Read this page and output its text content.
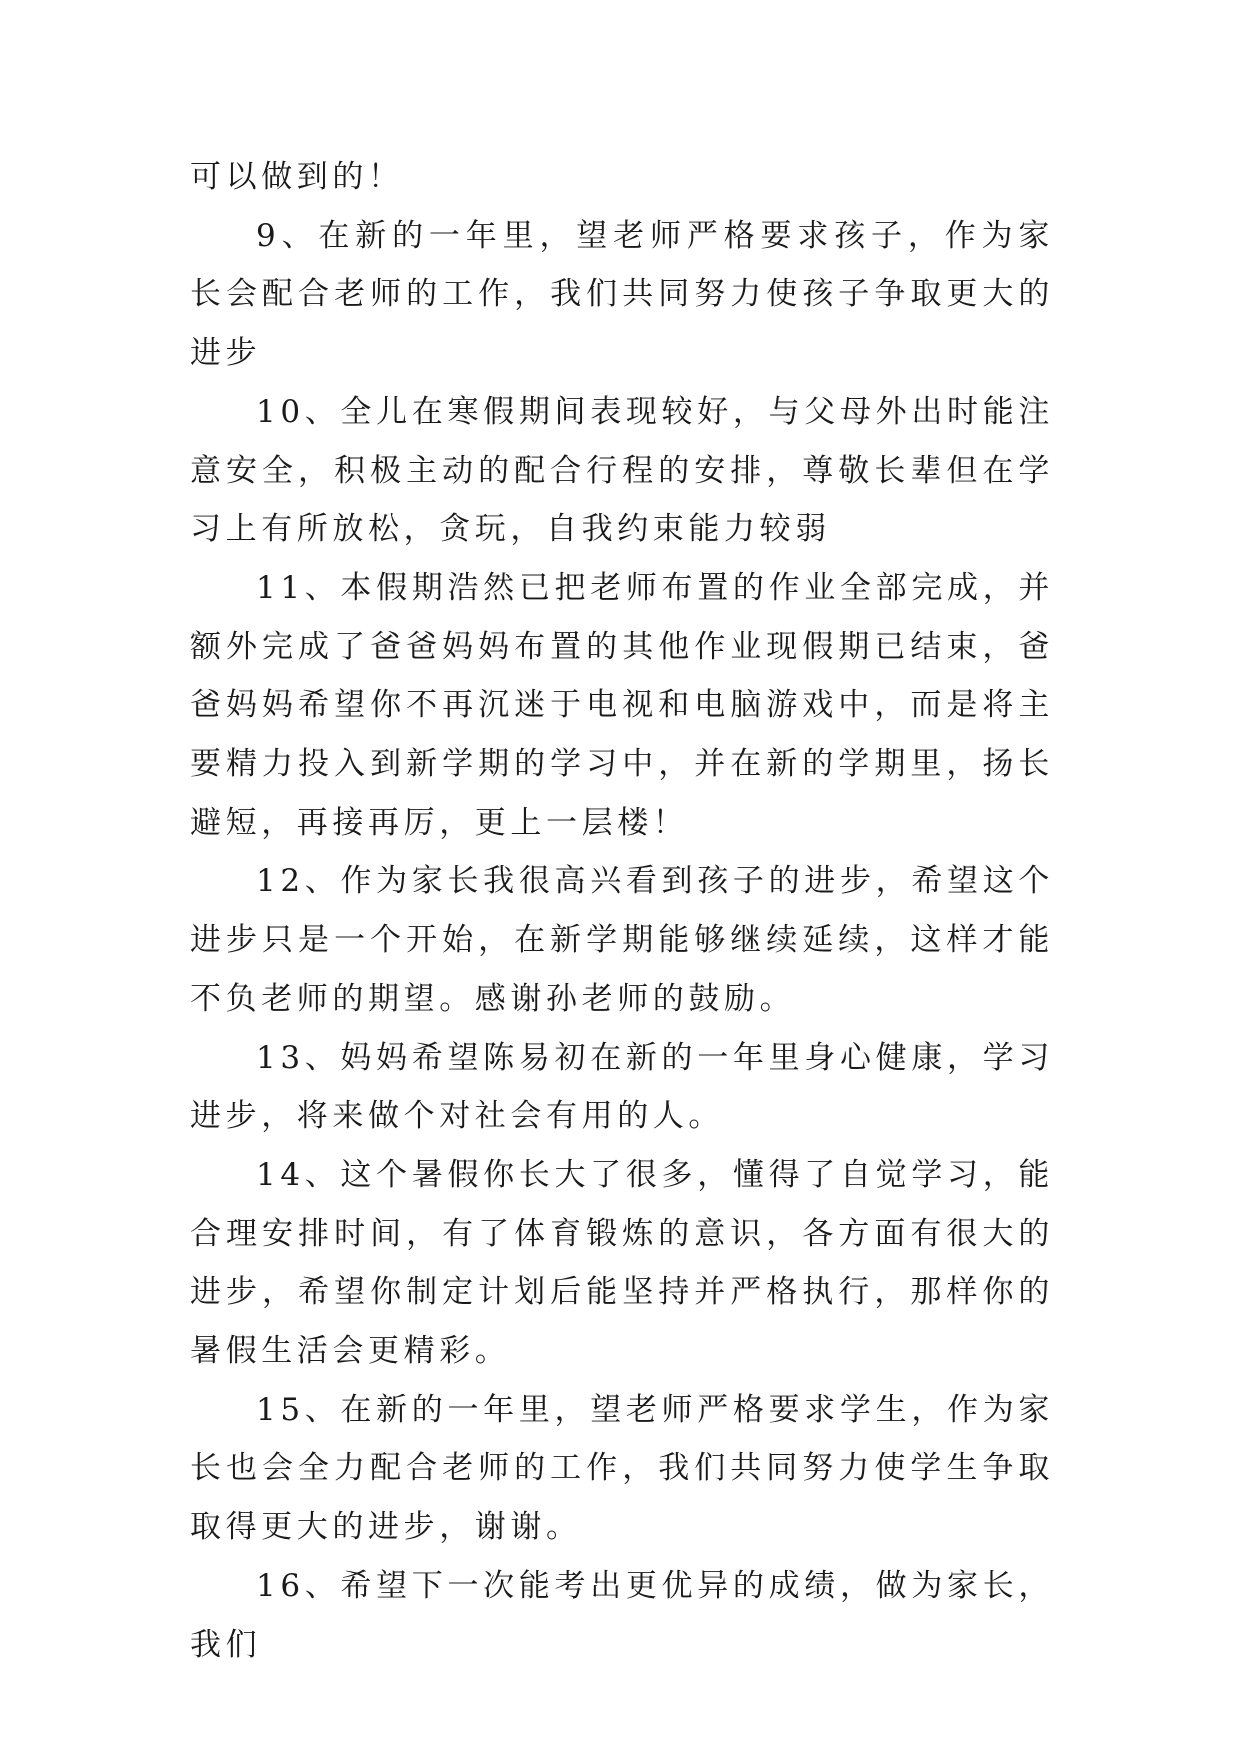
可以做到的！

9、在新的一年里，望老师严格要求孩子，作为家长会配合老师的工作，我们共同努力使孩子争取更大的进步

10、全儿在寒假期间表现较好，与父母外出时能注意安全，积极主动的配合行程的安排，尊敬长辈但在学习上有所放松，贪玩，自我约束能力较弱

11、本假期浩然已把老师布置的作业全部完成，并额外完成了爸爸妈妈布置的其他作业现假期已结束，爸爸妈妈希望你不再沉迷于电视和电脑游戏中，而是将主要精力投入到新学期的学习中，并在新的学期里，扬长避短，再接再厉，更上一层楼！

12、作为家长我很高兴看到孩子的进步，希望这个进步只是一个开始，在新学期能够继续延续，这样才能不负老师的期望。感谢孙老师的鼓励。

13、妈妈希望陈易初在新的一年里身心健康，学习进步，将来做个对社会有用的人。

14、这个暑假你长大了很多，懂得了自觉学习，能合理安排时间，有了体育锻炼的意识，各方面有很大的进步，希望你制定计划后能坚持并严格执行，那样你的暑假生活会更精彩。

15、在新的一年里，望老师严格要求学生，作为家长也会全力配合老师的工作，我们共同努力使学生争取取得更大的进步，谢谢。

16、希望下一次能考出更优异的成绩，做为家长，我们
